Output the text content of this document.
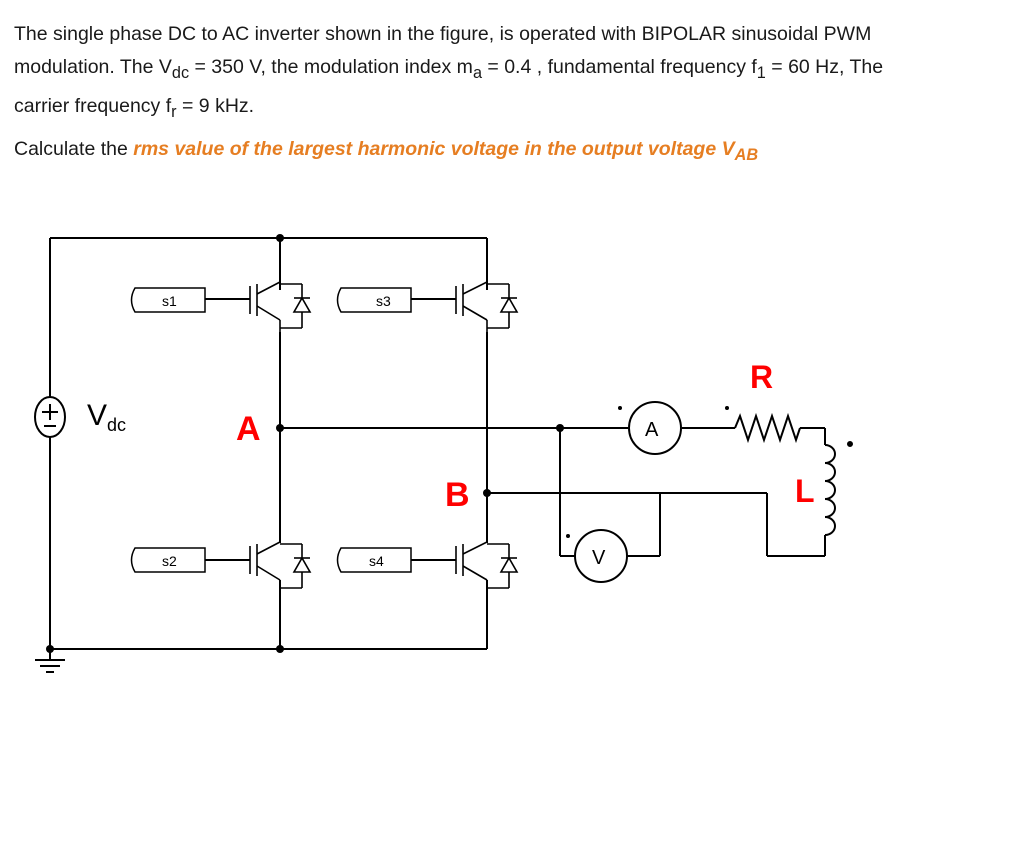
The single phase DC to AC inverter shown in the figure, is operated with BIPOLAR sinusoidal PWM
modulation. The $V_{dc} = 350$ V, the modulation index $m_a = 0.4$ , fundamental frequency $f_1 = 60$ Hz, The
carrier frequency $f_r = 9$ kHz.
Calculate the rms value of the largest harmonic voltage in the output voltage $V_{AB}$
$V_{dc}$
s1	s3
s2	s4
A
B
A
V
R
L
